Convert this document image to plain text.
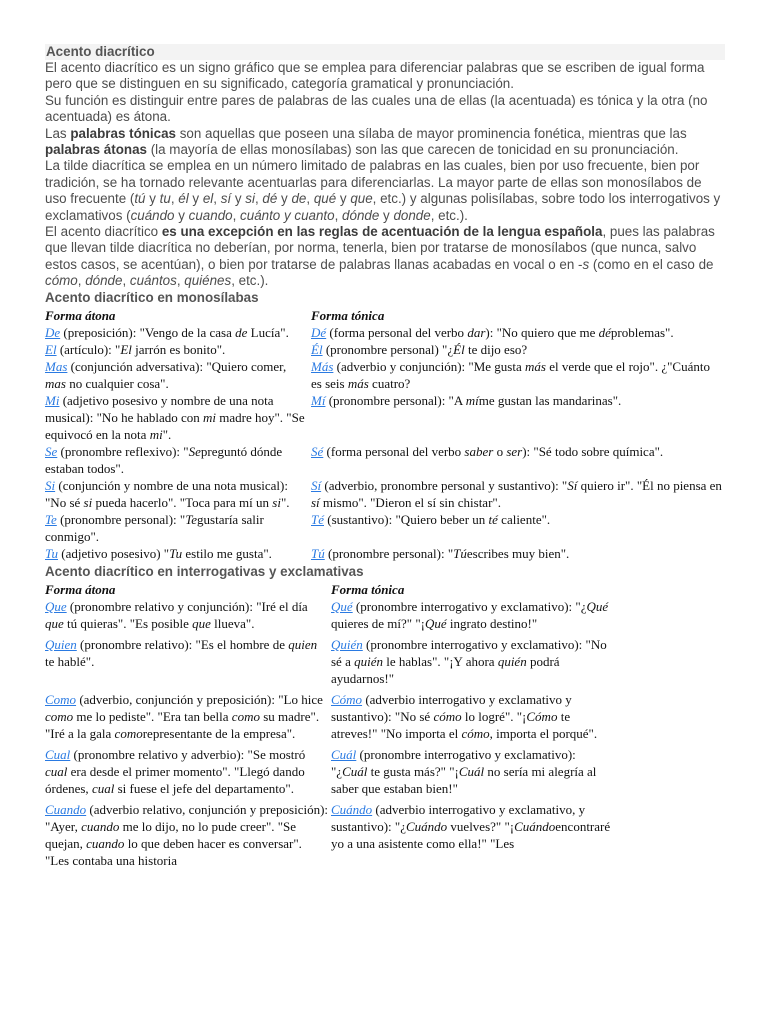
Acento diacrítico
El acento diacrítico es un signo gráfico que se emplea para diferenciar palabras que se escriben de igual forma pero que se distinguen en su significado, categoría gramatical y pronunciación.
Su función es distinguir entre pares de palabras de las cuales una de ellas (la acentuada) es tónica y la otra (no acentuada) es átona.
Las palabras tónicas son aquellas que poseen una sílaba de mayor prominencia fonética, mientras que las palabras átonas (la mayoría de ellas monosílabas) son las que carecen de tonicidad en su pronunciación.
La tilde diacrítica se emplea en un número limitado de palabras en las cuales, bien por uso frecuente, bien por tradición, se ha tornado relevante acentuarlas para diferenciarlas. La mayor parte de ellas son monosílabos de uso frecuente (tú y tu, él y el, sí y si, dé y de, qué y que, etc.) y algunas polisílabas, sobre todo los interrogativos y exclamativos (cuándo y cuando, cuánto y cuanto, dónde y donde, etc.).
El acento diacrítico es una excepción en las reglas de acentuación de la lengua española, pues las palabras que llevan tilde diacrítica no deberían, por norma, tenerla, bien por tratarse de monosílabos (que nunca, salvo estos casos, se acentúan), o bien por tratarse de palabras llanas acabadas en vocal o en -s (como en el caso de cómo, dónde, cuántos, quiénes, etc.).
Acento diacrítico en monosílabas
Forma átona	Forma tónica
De (preposición): "Vengo de la casa de Lucía".	Dé (forma personal del verbo dar): "No quiero que me déproblemas".
El (artículo): "El jarrón es bonito".	Él (pronombre personal) "¿Él te dijo eso?
Mas (conjunción adversativa): "Quiero comer, mas no cualquier cosa".	Más (adverbio y conjunción): "Me gusta más el verde que el rojo". ¿"Cuánto es seis más cuatro?
Mi (adjetivo posesivo y nombre de una nota musical): "No he hablado con mi madre hoy". "Se equivocó en la nota mi".	Mí (pronombre personal): "A míme gustan las mandarinas".
Se (pronombre reflexivo): "Sepreguntó dónde estaban todos".	Sé (forma personal del verbo saber o ser): "Sé todo sobre química".
Si (conjunción y nombre de una nota musical): "No sé si pueda hacerlo". "Toca para mí un si".	Sí (adverbio, pronombre personal y sustantivo): "Sí quiero ir". "Él no piensa en sí mismo". "Dieron el sí sin chistar".
Te (pronombre personal): "Tegustaría salir conmigo".	Té (sustantivo): "Quiero beber un té caliente".
Tu (adjetivo posesivo) "Tu estilo me gusta".	Tú (pronombre personal): "Túescribes muy bien".
Acento diacrítico en interrogativas y exclamativas
Forma átona	Forma tónica
Que (pronombre relativo y conjunción): "Iré el día que tú quieras". "Es posible que llueva".	Qué (pronombre interrogativo y exclamativo): "¿Qué quieres de mí?" "¡Qué ingrato destino!"
Quien (pronombre relativo): "Es el hombre de quien te hablé".	Quién (pronombre interrogativo y exclamativo): "No sé a quién le hablas". "¡Y ahora quién podrá ayudarnos!"
Como (adverbio, conjunción y preposición): "Lo hice como me lo pediste". "Era tan bella como su madre". "Iré a la gala comorepresentante de la empresa".	Cómo (adverbio interrogativo y exclamativo y sustantivo): "No sé cómo lo logré". "¡Cómo te atreves!" "No importa el cómo, importa el porqué".
Cual (pronombre relativo y adverbio): "Se mostró cual era desde el primer momento". "Llegó dando órdenes, cual si fuese el jefe del departamento".	Cuál (pronombre interrogativo y exclamativo): "¿Cuál te gusta más?" "¡Cuál no sería mi alegría al saber que estaban bien!"
Cuando (adverbio relativo, conjunción y preposición): "Ayer, cuando me lo dijo, no lo pude creer". "Se quejan, cuando lo que deben hacer es conversar". "Les contaba una historia	Cuándo (adverbio interrogativo y exclamativo, y sustantivo): "¿Cuándo vuelves?" "¡Cuándoencontraré yo a una asistente como ella!" "Les
